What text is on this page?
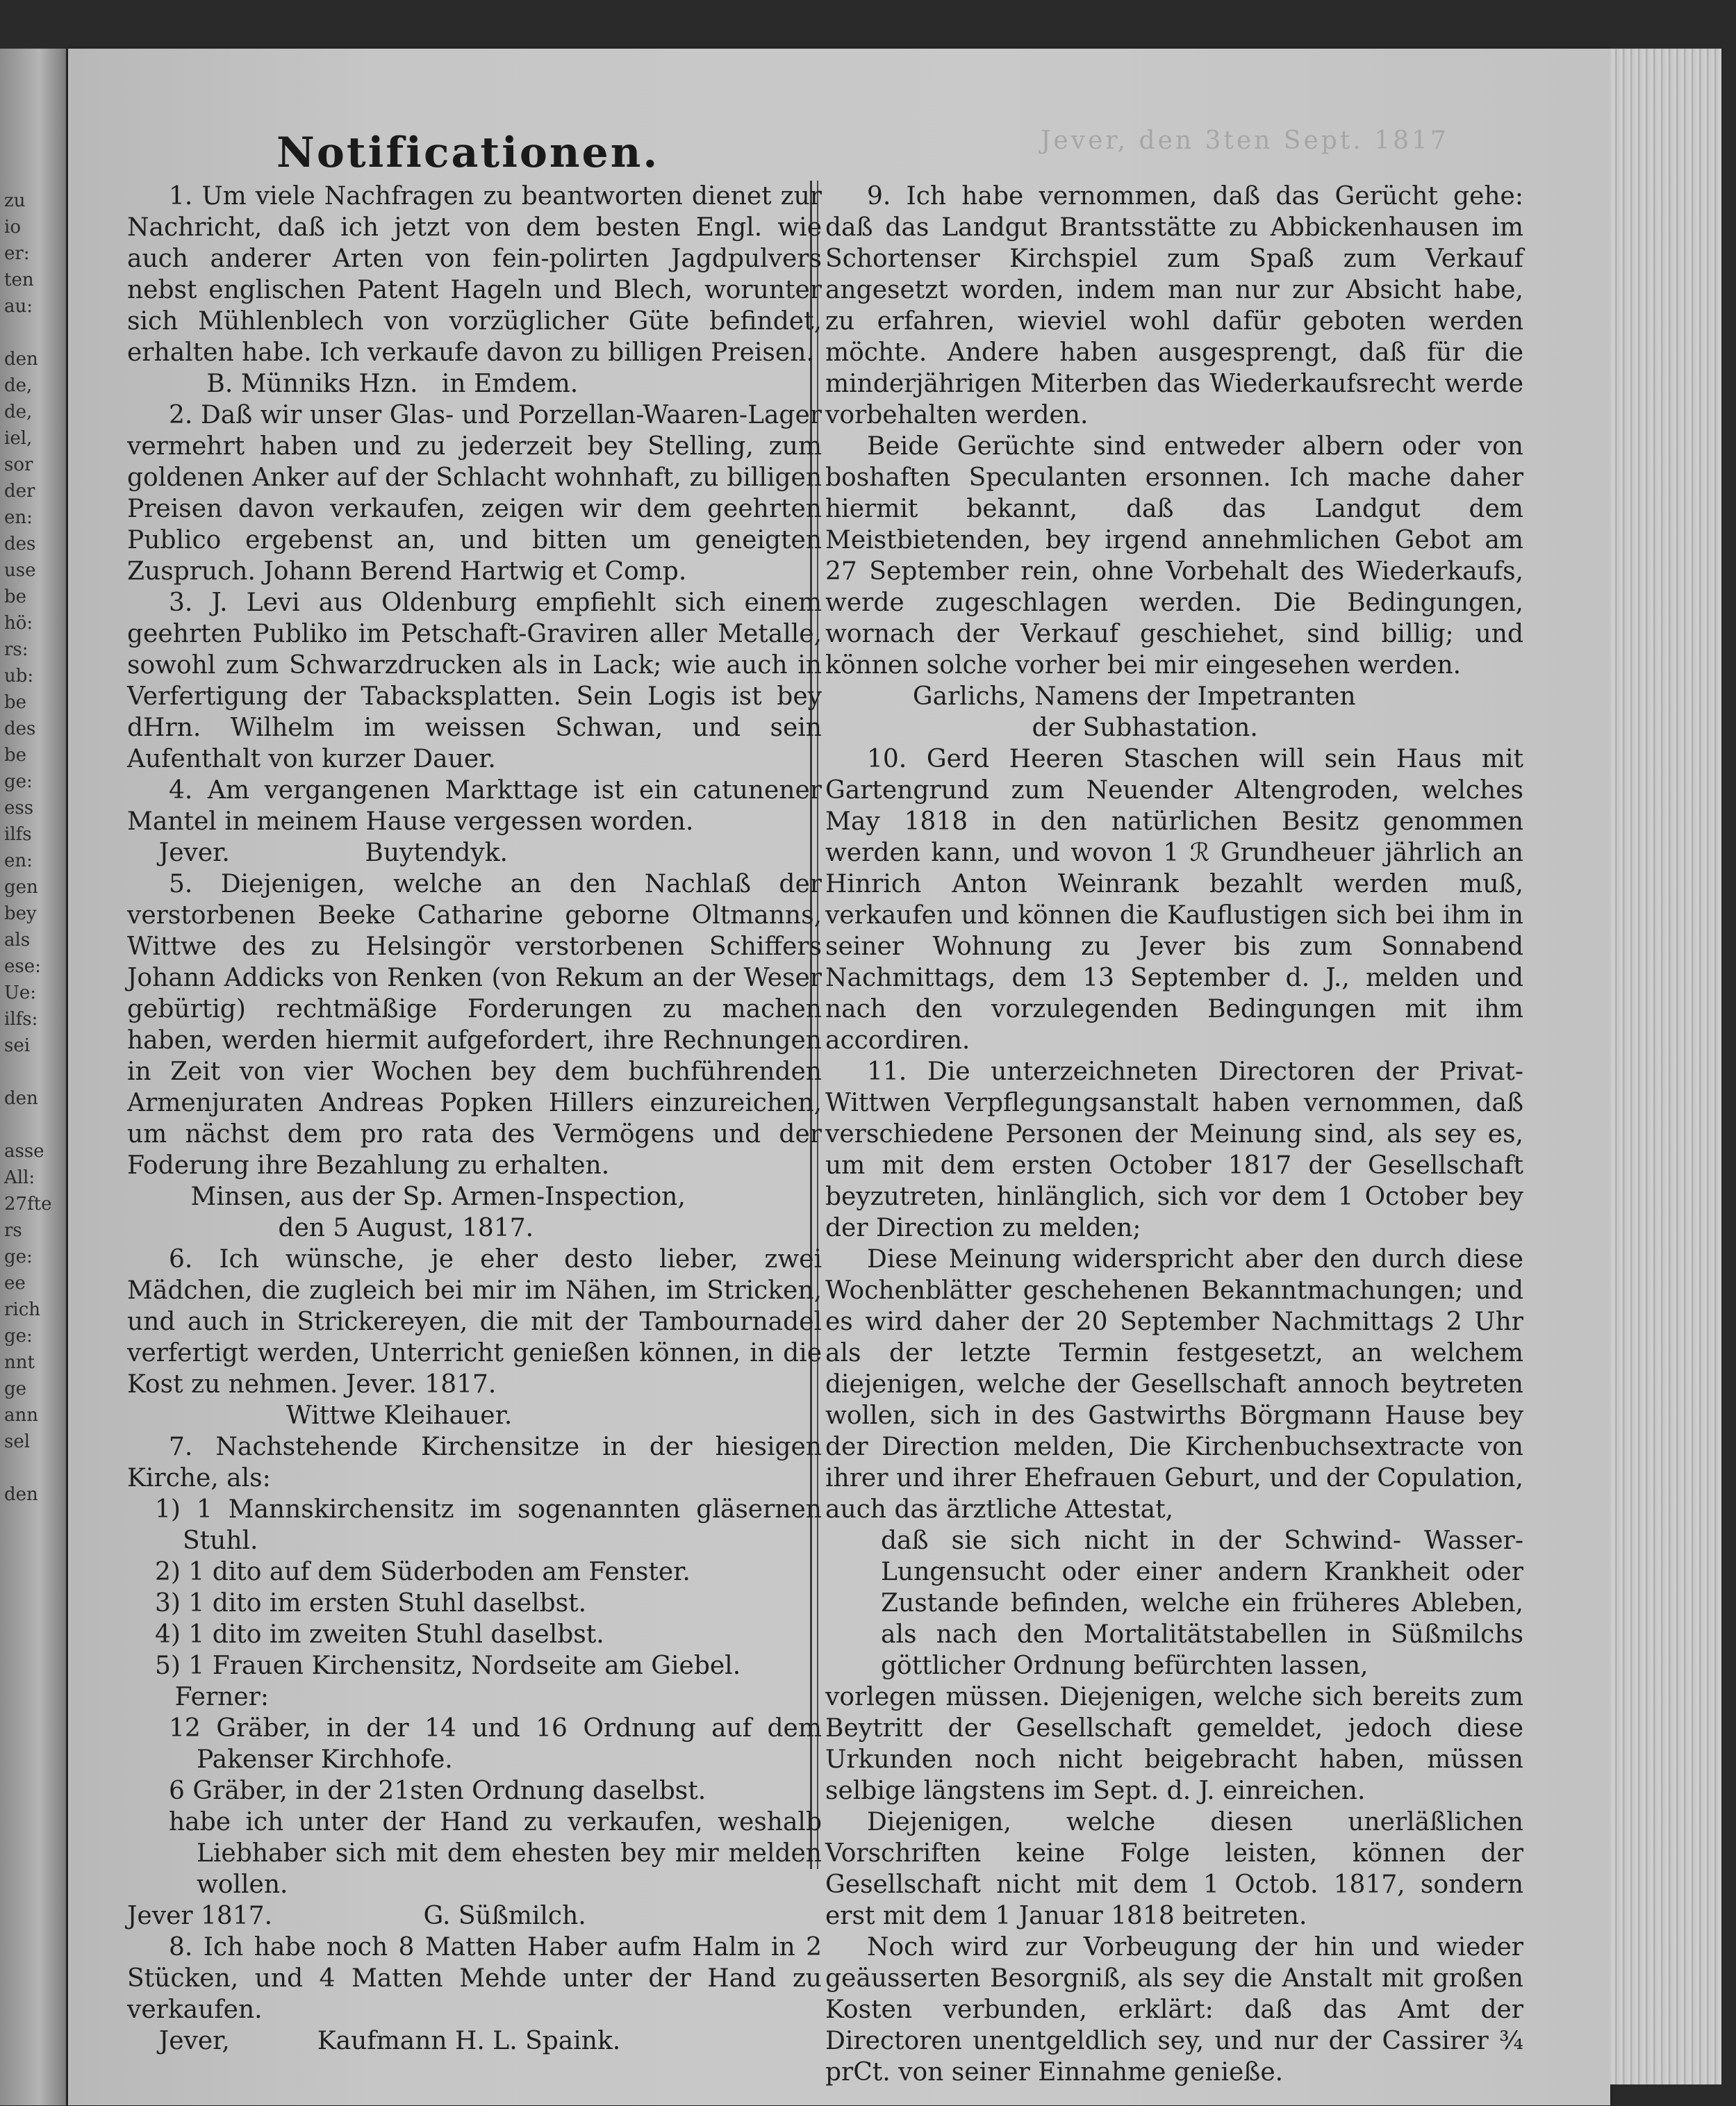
zu
io
er:
ten
au:

den
de,
de,
iel,
sor
der
en:
des
use
be
hö:
rs:
ub:
be
des
be
ge:
ess
ilfs
en:
gen
bey
als
ese:
Ue:
ilfs:
sei

den

asse
All:
27fte
rs
ge:
ee
rich
ge:
nnt
ge
ann
sel

den
Jever, den 3ten Sept. 1817
Notificationen.

1. Um viele Nachfragen zu beantworten dienet zur Nachricht, daß ich jetzt von dem besten Engl. wie auch anderer Arten von fein-polirten Jagdpulvers nebst englischen Patent Hageln und Blech, worunter sich Mühlenblech von vorzüglicher Güte befindet, erhalten habe. Ich verkaufe davon zu billigen Preisen.

B. Münniks Hzn.   in Emdem.

2. Daß wir unser Glas- und Porzellan-Waaren-Lager vermehrt haben und zu jederzeit bey Stelling, zum goldenen Anker auf der Schlacht wohnhaft, zu billigen Preisen davon verkaufen, zeigen wir dem geehrten Publico ergebenst an, und bitten um geneigten Zuspruch. Johann Berend Hartwig et Comp.

3. J. Levi aus Oldenburg empfiehlt sich einem geehrten Publiko im Petschaft-Graviren aller Metalle, sowohl zum Schwarzdrucken als in Lack; wie auch in Verfertigung der Tabacksplatten. Sein Logis ist bey dHrn. Wilhelm im weissen Schwan, und sein Aufenthalt von kurzer Dauer.

4. Am vergangenen Markttage ist ein catunener Mantel in meinem Hause vergessen worden.

Jever.                 Buytendyk.

5. Diejenigen, welche an den Nachlaß der verstorbenen Beeke Catharine geborne Oltmanns, Wittwe des zu Helsingör verstorbenen Schiffers Johann Addicks von Renken (von Rekum an der Weser gebürtig) rechtmäßige Forderungen zu machen haben, werden hiermit aufgefordert, ihre Rechnungen in Zeit von vier Wochen bey dem buchführenden Armenjuraten Andreas Popken Hillers einzureichen, um nächst dem pro rata des Vermögens und der Foderung ihre Bezahlung zu erhalten.

Minsen, aus der Sp. Armen-Inspection,

den 5 August, 1817.

6. Ich wünsche, je eher desto lieber, zwei Mädchen, die zugleich bei mir im Nähen, im Stricken, und auch in Strickereyen, die mit der Tambournadel verfertigt werden, Unterricht genießen können, in die Kost zu nehmen. Jever. 1817.

Wittwe Kleihauer.

7. Nachstehende Kirchensitze in der hiesigen Kirche, als:

1) 1 Mannskirchensitz im sogenannten gläsernen Stuhl.

2) 1 dito auf dem Süderboden am Fenster.

3) 1 dito im ersten Stuhl daselbst.

4) 1 dito im zweiten Stuhl daselbst.

5) 1 Frauen Kirchensitz, Nordseite am Giebel.

Ferner:

12 Gräber, in der 14 und 16 Ordnung auf dem Pakenser Kirchhofe.

6 Gräber, in der 21sten Ordnung daselbst.

habe ich unter der Hand zu verkaufen, weshalb Liebhaber sich mit dem ehesten bey mir melden wollen.

Jever 1817.                   G. Süßmilch.

8. Ich habe noch 8 Matten Haber aufm Halm in 2 Stücken, und 4 Matten Mehde unter der Hand zu verkaufen.

Jever,           Kaufmann H. L. Spaink.

9. Ich habe vernommen, daß das Gerücht gehe: daß das Landgut Brantsstätte zu Abbickenhausen im Schortenser Kirchspiel zum Spaß zum Verkauf angesetzt worden, indem man nur zur Absicht habe, zu erfahren, wieviel wohl dafür geboten werden möchte. Andere haben ausgesprengt, daß für die minderjährigen Miterben das Wiederkaufsrecht werde vorbehalten werden.

Beide Gerüchte sind entweder albern oder von boshaften Speculanten ersonnen. Ich mache daher hiermit bekannt, daß das Landgut dem Meistbietenden, bey irgend annehmlichen Gebot am 27 September rein, ohne Vorbehalt des Wiederkaufs, werde zugeschlagen werden. Die Bedingungen, wornach der Verkauf geschiehet, sind billig; und können solche vorher bei mir eingesehen werden.

Garlichs, Namens der Impetranten

der Subhastation.

10. Gerd Heeren Staschen will sein Haus mit Gartengrund zum Neuender Altengroden, welches May 1818 in den natürlichen Besitz genommen werden kann, und wovon 1 ℛ Grundheuer jährlich an Hinrich Anton Weinrank bezahlt werden muß, verkaufen und können die Kauflustigen sich bei ihm in seiner Wohnung zu Jever bis zum Sonnabend Nachmittags, dem 13 September d. J., melden und nach den vorzulegenden Bedingungen mit ihm accordiren.

11. Die unterzeichneten Directoren der Privat-Wittwen Verpflegungsanstalt haben vernommen, daß verschiedene Personen der Meinung sind, als sey es, um mit dem ersten October 1817 der Gesellschaft beyzutreten, hinlänglich, sich vor dem 1 October bey der Direction zu melden;

Diese Meinung widerspricht aber den durch diese Wochenblätter geschehenen Bekanntmachungen; und es wird daher der 20 September Nachmittags 2 Uhr als der letzte Termin festgesetzt, an welchem diejenigen, welche der Gesellschaft annoch beytreten wollen, sich in des Gastwirths Börgmann Hause bey der Direction melden, Die Kirchenbuchsextracte von ihrer und ihrer Ehefrauen Geburt, und der Copulation, auch das ärztliche Attestat,

daß sie sich nicht in der Schwind- Wasser- Lungensucht oder einer andern Krankheit oder Zustande befinden, welche ein früheres Ableben, als nach den Mortalitätstabellen in Süßmilchs göttlicher Ordnung befürchten lassen,

vorlegen müssen. Diejenigen, welche sich bereits zum Beytritt der Gesellschaft gemeldet, jedoch diese Urkunden noch nicht beigebracht haben, müssen selbige längstens im Sept. d. J. einreichen.

Diejenigen, welche diesen unerläßlichen Vorschriften keine Folge leisten, können der Gesellschaft nicht mit dem 1 Octob. 1817, sondern erst mit dem 1 Januar 1818 beitreten.

Noch wird zur Vorbeugung der hin und wieder geäusserten Besorgniß, als sey die Anstalt mit großen Kosten verbunden, erklärt: daß das Amt der Directoren unentgeldlich sey, und nur der Cassirer ¾ prCt. von seiner Einnahme genieße.
